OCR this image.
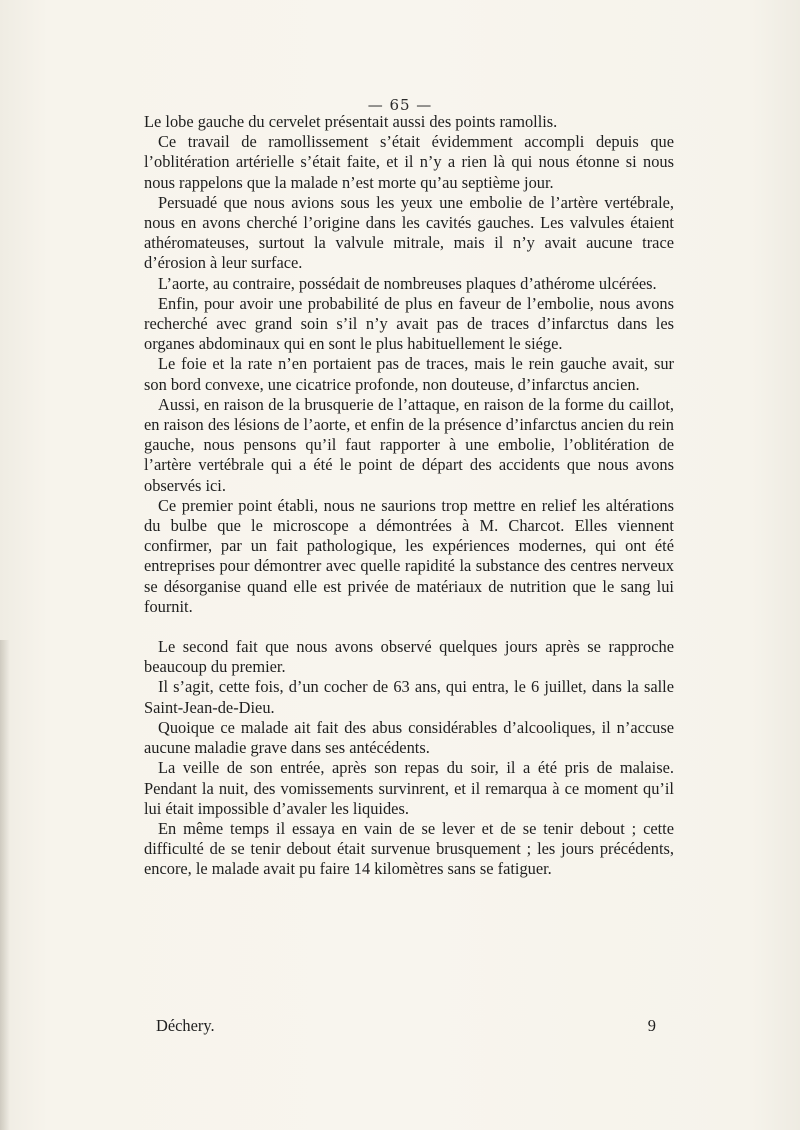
— 65 —

Le lobe gauche du cervelet présentait aussi des points ramollis.

Ce travail de ramollissement s’était évidemment accompli depuis que l’oblitération artérielle s’était faite, et il n’y a rien là qui nous étonne si nous nous rappelons que la malade n’est morte qu’au septième jour.

Persuadé que nous avions sous les yeux une embolie de l’artère vertébrale, nous en avons cherché l’origine dans les cavités gauches. Les valvules étaient athéromateuses, surtout la valvule mitrale, mais il n’y avait aucune trace d’érosion à leur surface.

L’aorte, au contraire, possédait de nombreuses plaques d’athérome ulcérées.

Enfin, pour avoir une probabilité de plus en faveur de l’embolie, nous avons recherché avec grand soin s’il n’y avait pas de traces d’infarctus dans les organes abdominaux qui en sont le plus habituellement le siége.

Le foie et la rate n’en portaient pas de traces, mais le rein gauche avait, sur son bord convexe, une cicatrice profonde, non douteuse, d’infarctus ancien.

Aussi, en raison de la brusquerie de l’attaque, en raison de la forme du caillot, en raison des lésions de l’aorte, et enfin de la présence d’infarctus ancien du rein gauche, nous pensons qu’il faut rapporter à une embolie, l’oblitération de l’artère vertébrale qui a été le point de départ des accidents que nous avons observés ici.

Ce premier point établi, nous ne saurions trop mettre en relief les altérations du bulbe que le microscope a démontrées à M. Charcot. Elles viennent confirmer, par un fait pathologique, les expériences modernes, qui ont été entreprises pour démontrer avec quelle rapidité la substance des centres nerveux se désorganise quand elle est privée de matériaux de nutrition que le sang lui fournit.

Le second fait que nous avons observé quelques jours après se rapproche beaucoup du premier.

Il s’agit, cette fois, d’un cocher de 63 ans, qui entra, le 6 juillet, dans la salle Saint-Jean-de-Dieu.

Quoique ce malade ait fait des abus considérables d’alcooliques, il n’accuse aucune maladie grave dans ses antécédents.

La veille de son entrée, après son repas du soir, il a été pris de malaise. Pendant la nuit, des vomissements survinrent, et il remarqua à ce moment qu’il lui était impossible d’avaler les liquides.

En même temps il essaya en vain de se lever et de se tenir debout ; cette difficulté de se tenir debout était survenue brusquement ; les jours précédents, encore, le malade avait pu faire 14 kilomètres sans se fatiguer.

Déchery.	9
